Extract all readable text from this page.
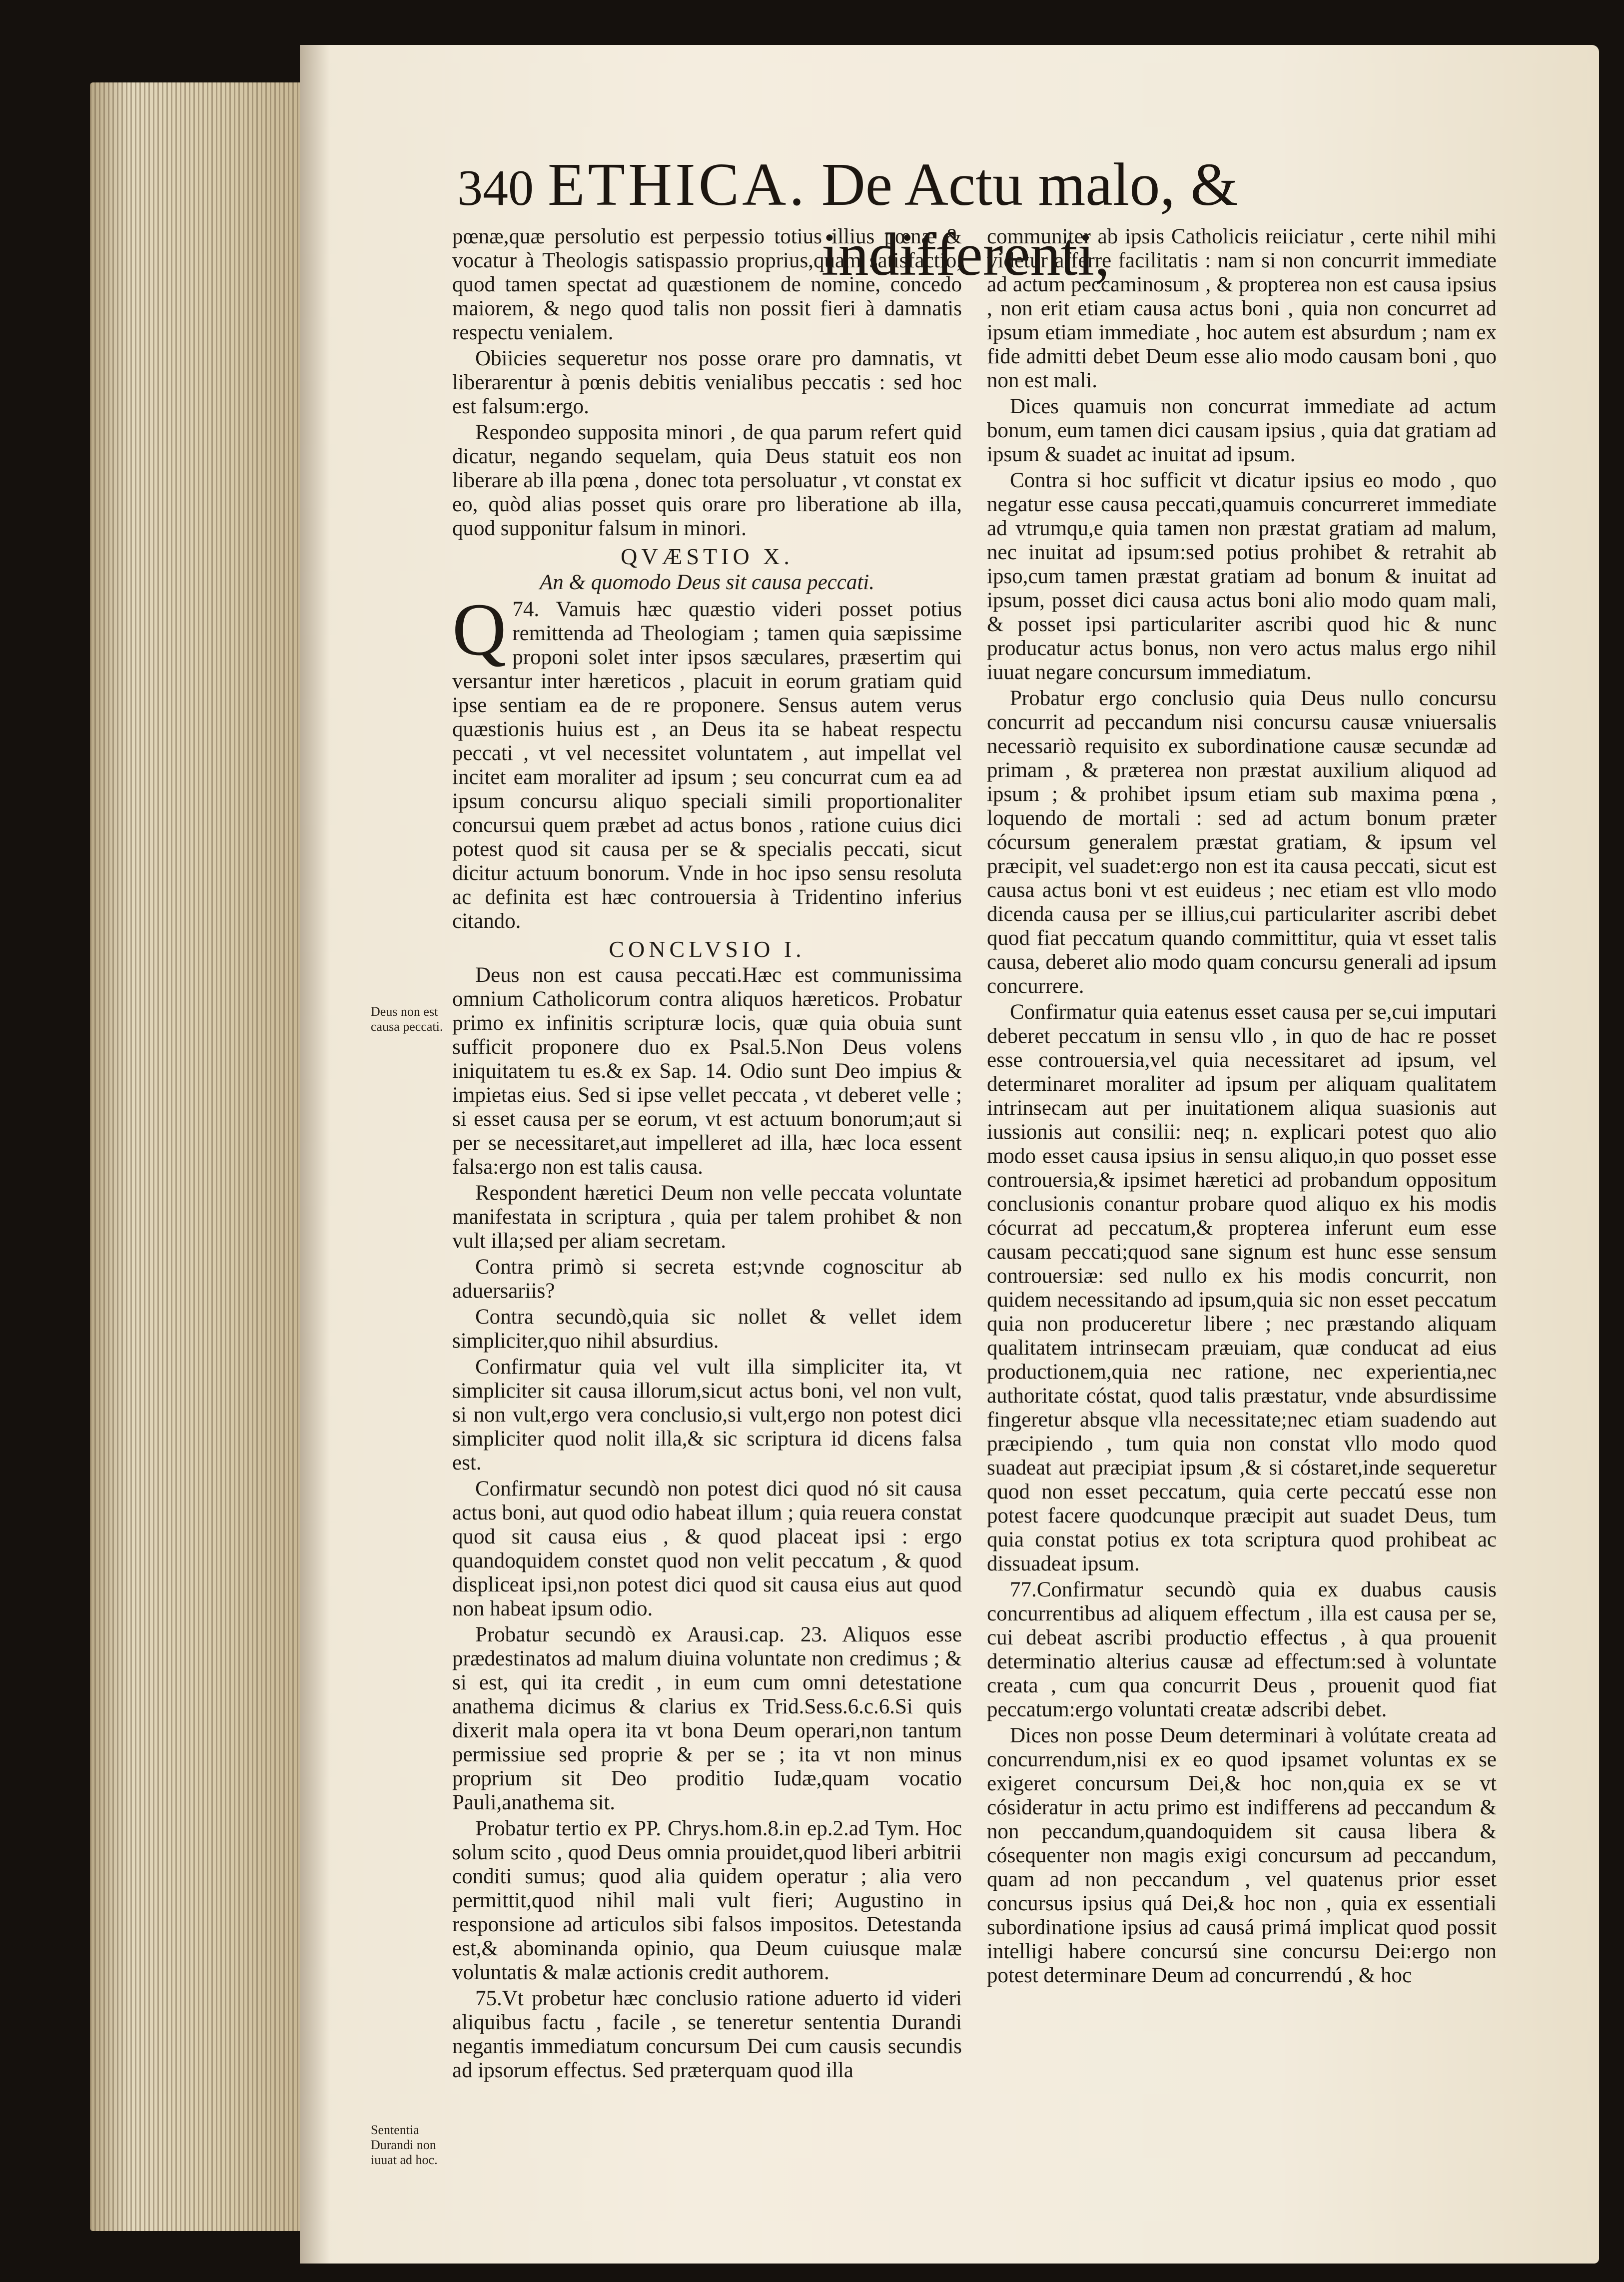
340 ETHICA. De Actu malo, & indifferenti,
Deus non est causa peccati.
Sententia Durandi non iuuat ad hoc.

pœnæ,quæ persolutio est perpessio totius illius pœnæ & vocatur à Theologis satispassio proprius,quam satisfactio, quod tamen spectat ad quæstionem de nomine, concedo maiorem, & nego quod talis non possit fieri à damnatis respectu venialem.

Obiicies sequeretur nos posse orare pro damnatis, vt liberarentur à pœnis debitis venialibus peccatis : sed hoc est falsum:ergo.

Respondeo supposita minori , de qua parum refert quid dicatur, negando sequelam, quia Deus statuit eos non liberare ab illa pœna , donec tota persoluatur , vt constat ex eo, quòd alias posset quis orare pro liberatione ab illa, quod supponitur falsum in minori.

QVÆSTIO X.
An & quomodo Deus sit causa peccati.

74.
Q Vamuis hæc quæstio videri posset potius remittenda ad Theologiam ; tamen quia sæpissime proponi solet inter ipsos sæculares, præsertim qui versantur inter hæreticos , placuit in eorum gratiam quid ipse sentiam ea de re proponere. Sensus autem verus quæstionis huius est , an Deus ita se habeat respectu peccati , vt vel necessitet voluntatem , aut impellat vel incitet eam moraliter ad ipsum ; seu concurrat cum ea ad ipsum concursu aliquo speciali simili proportionaliter concursui quem præbet ad actus bonos , ratione cuius dici potest quod sit causa per se & specialis peccati, sicut dicitur actuum bonorum. Vnde in hoc ipso sensu resoluta ac definita est hæc controuersia à Tridentino inferius citando.

CONCLVSIO I.

Deus non est causa peccati.Hæc est communissima omnium Catholicorum contra aliquos hæreticos. Probatur primo ex infinitis scripturæ locis, quæ quia obuia sunt sufficit proponere duo ex Psal.5.Non Deus volens iniquitatem tu es.& ex Sap. 14. Odio sunt Deo impius & impietas eius. Sed si ipse vellet peccata , vt deberet velle ; si esset causa per se eorum, vt est actuum bonorum;aut si per se necessitaret,aut impelleret ad illa, hæc loca essent falsa:ergo non est talis causa.

Respondent hæretici Deum non velle peccata voluntate manifestata in scriptura , quia per talem prohibet & non vult illa;sed per aliam secretam.

Contra primò si secreta est;vnde cognoscitur ab aduersariis?

Contra secundò,quia sic nollet & vellet idem simpliciter,quo nihil absurdius.

Confirmatur quia vel vult illa simpliciter ita, vt simpliciter sit causa illorum,sicut actus boni, vel non vult, si non vult,ergo vera conclusio,si vult,ergo non potest dici simpliciter quod nolit illa,& sic scriptura id dicens falsa est.

Confirmatur secundò non potest dici quod nó sit causa actus boni, aut quod odio habeat illum ; quia reuera constat quod sit causa eius , & quod placeat ipsi : ergo quandoquidem constet quod non velit peccatum , & quod displiceat ipsi,non potest dici quod sit causa eius aut quod non habeat ipsum odio.

Probatur secundò ex Arausi.cap. 23. Aliquos esse prædestinatos ad malum diuina voluntate non credimus ; & si est, qui ita credit , in eum cum omni detestatione anathema dicimus & clarius ex Trid.Sess.6.c.6.Si quis dixerit mala opera ita vt bona Deum operari,non tantum permissiue sed proprie & per se ; ita vt non minus proprium sit Deo proditio Iudæ,quam vocatio Pauli,anathema sit.

Probatur tertio ex PP. Chrys.hom.8.in ep.2.ad Tym. Hoc solum scito , quod Deus omnia prouidet,quod liberi arbitrii conditi sumus; quod alia quidem operatur ; alia vero permittit,quod nihil mali vult fieri; Augustino in responsione ad articulos sibi falsos impositos. Detestanda est,& abominanda opinio, qua Deum cuiusque malæ voluntatis & malæ actionis credit authorem.

75.Vt probetur hæc conclusio ratione aduerto id videri aliquibus factu , facile , se teneretur sententia Durandi negantis immediatum concursum Dei cum causis secundis ad ipsorum effectus. Sed præterquam quod illa

communiter ab ipsis Catholicis reiiciatur , certe nihil mihi videtur afferre facilitatis : nam si non concurrit immediate ad actum peccaminosum , & propterea non est causa ipsius , non erit etiam causa actus boni , quia non concurret ad ipsum etiam immediate , hoc autem est absurdum ; nam ex fide admitti debet Deum esse alio modo causam boni , quo non est mali.

Dices quamuis non concurrat immediate ad actum bonum, eum tamen dici causam ipsius , quia dat gratiam ad ipsum & suadet ac inuitat ad ipsum.

Contra si hoc sufficit vt dicatur ipsius eo modo , quo negatur esse causa peccati,quamuis concurreret immediate ad vtrumqu,e quia tamen non præstat gratiam ad malum, nec inuitat ad ipsum:sed potius prohibet & retrahit ab ipso,cum tamen præstat gratiam ad bonum & inuitat ad ipsum, posset dici causa actus boni alio modo quam mali, & posset ipsi particulariter ascribi quod hic & nunc producatur actus bonus, non vero actus malus ergo nihil iuuat negare concursum immediatum.

Probatur ergo conclusio quia Deus nullo concursu concurrit ad peccandum nisi concursu causæ vniuersalis necessariò requisito ex subordinatione causæ secundæ ad primam , & præterea non præstat auxilium aliquod ad ipsum ; & prohibet ipsum etiam sub maxima pœna , loquendo de mortali : sed ad actum bonum præter cócursum generalem præstat gratiam, & ipsum vel præcipit, vel suadet:ergo non est ita causa peccati, sicut est causa actus boni vt est euideus ; nec etiam est vllo modo dicenda causa per se illius,cui particulariter ascribi debet quod fiat peccatum quando committitur, quia vt esset talis causa, deberet alio modo quam concursu generali ad ipsum concurrere.

Confirmatur quia eatenus esset causa per se,cui imputari deberet peccatum in sensu vllo , in quo de hac re posset esse controuersia,vel quia necessitaret ad ipsum, vel determinaret moraliter ad ipsum per aliquam qualitatem intrinsecam aut per inuitationem aliqua suasionis aut iussionis aut consilii: neq; n. explicari potest quo alio modo esset causa ipsius in sensu aliquo,in quo posset esse controuersia,& ipsimet hæretici ad probandum oppositum conclusionis conantur probare quod aliquo ex his modis cócurrat ad peccatum,& propterea inferunt eum esse causam peccati;quod sane signum est hunc esse sensum controuersiæ: sed nullo ex his modis concurrit, non quidem necessitando ad ipsum,quia sic non esset peccatum quia non produceretur libere ; nec præstando aliquam qualitatem intrinsecam præuiam, quæ conducat ad eius productionem,quia nec ratione, nec experientia,nec authoritate cóstat, quod talis præstatur, vnde absurdissime fingeretur absque vlla necessitate;nec etiam suadendo aut præcipiendo , tum quia non constat vllo modo quod suadeat aut præcipiat ipsum ,& si cóstaret,inde sequeretur quod non esset peccatum, quia certe peccatú esse non potest facere quodcunque præcipit aut suadet Deus, tum quia constat potius ex tota scriptura quod prohibeat ac dissuadeat ipsum.

77.Confirmatur secundò quia ex duabus causis concurrentibus ad aliquem effectum , illa est causa per se, cui debeat ascribi productio effectus , à qua prouenit determinatio alterius causæ ad effectum:sed à voluntate creata , cum qua concurrit Deus , prouenit quod fiat peccatum:ergo voluntati creatæ adscribi debet.

Dices non posse Deum determinari à volútate creata ad concurrendum,nisi ex eo quod ipsamet voluntas ex se exigeret concursum Dei,& hoc non,quia ex se vt cósideratur in actu primo est indifferens ad peccandum & non peccandum,quandoquidem sit causa libera & cósequenter non magis exigi concursum ad peccandum, quam ad non peccandum , vel quatenus prior esset concursus ipsius quá Dei,& hoc non , quia ex essentiali subordinatione ipsius ad causá primá implicat quod possit intelligi habere concursú sine concursu Dei:ergo non potest determinare Deum ad concurrendú , & hoc
